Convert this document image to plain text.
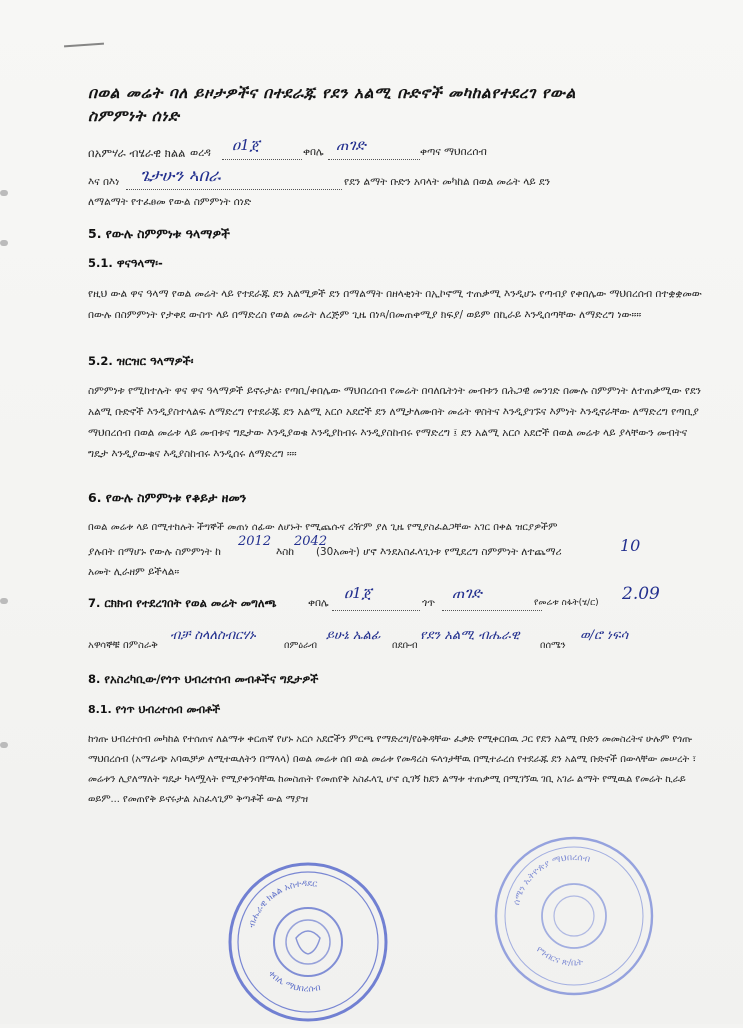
በወል መሬት ባለ ይዞታዎችና በተደራጁ የደን አልሚ ቡድኖች መካከልየተደረገ የውል
ስምምነት ሰነድ
በአምሃራ ብሄራዊ ክልል ወረዳ ዐ1ጀ	ቀበሌ ጠገድ	ቀጣና ማህበረሰብ
እና በእነ ጌታሁን ኣበራ	የደን ልማት ቡድን አባላት መካከል በወል መሬት ላይ ደን
ለማልማት የተፈፀመ የውል ስምምነት ሰነድ
5. የውሉ ስምምነቱ ዓላማዎች
5.1. ዋናዓላማ፡-
የዚህ ውል ዋና ዓላማ የወል መሬት ላይ የተደራጁ ደን አልሚዎች ደን በማልማት በዘላቂነት በኢኮኖሚ ተጠቃሚ እንዲሆኑ የጣብያ የቀበሌው ማህበረሰብ በተቋቋመው በውሉ በስምምነት የታቀደ ውስጥ ላይ በማድረስ የወል መሬት ለረጅም ጊዜ በነጻ/በመጠቀሚያ ክፍያ/ ወይም በኪራይ እንዲሰጣቸው ለማድረግ ነው።።
5.2. ዝርዝር ዓላማዎች፡
ስምምነቱ የሚከተሉት ዋና ዋና ዓላማዎች ይኖሩታል፡ የጣቢ/ቀበሌው ማህበረሰብ የመሬት በባለቤትነት መብቱን በሕጋዊ መንገድ በሙሉ ስምምነት ለተጠቃሚው የደን አልሚ ቡድኖች እንዲያስተላልፍ ለማድረግ የተደራጁ ደን አልሚ አርሶ አደሮች ደን ለሚታለሙበት መሬት ዋስትና እንዲያገኙና እምነት እንዲኖራቸው ለማድረግ የጣቢያ ማህበረሰብ በወል መሬቱ ላይ መብቱና ግዴታው እንዲያወቁ እንዲያከብሩ እንዲያስከብሩ የማድረግ ፤ ደን አልሚ አርሶ አደሮች በወል መሬቱ ላይ ያላቸውን መብትና ግዴታ እንዲያውቁና እዲያስከብሩ እንዲሰሩ ለማድረግ ።።
6. የውሉ ስምምነቱ የቆይታ ዘመን
በወል መሬቱ ላይ በሚተከሉት ችግኞች መጠነ ሰፊው ለሆኑት የሚጨሱና ረዥም ያለ ጊዜ የሚያስፈልጋቸው አገር በቀል ዝርያዎችም
ያሉበት በማሆኑ የውሉ ስምምነት ከ
2012
እስከ
2042
(30አመት) ሆኖ እንደአስፈላጊነቱ የሚደረግ ስምምነት ለተጨማሪ	10
አመት ሊራዘም ይችላል።
7. ርክክብ የተደረገበት የወል መሬት መግለጫ	ቀበሌ
ዐ1ጀ
ጎጥ
ጠገድ
የመሬቱ ስፋት(ሄ/ር) 2.09
አዋሳኞቹ በምስራቅ
ብቻ ስላለስብርሃኑ
በምዕራብ
ይሁኔ ኤልፊ
በደቡብ
የደን አልሚ ብሔራዊ
በሰሜን
ወ/ሮ ነፍሳ
8. የአስረካቢው/የጎጥ ህብረተሰብ መብቶችና ግዴታዎች
8.1. የጎጥ ህብረተሰብ መብቶች
ከጎጡ ህብረተሰብ መካከል የተሰጠና ለልማቱ ቀርጠኛ የሆኑ አርሶ አደሮችን ምርጫ የማድረግ/የዕቅዳቸው ፈቃድ የሚቀርበዉ ጋር የደን አልሚ ቡድን መመስረትና ሁሉም የጎጡ ማህበረሰብ (አማራጭ አባዉቻዎ ለሚተዉለትን በማላላ) በወል መሬቱ ሰበ ወል መሬቱ የመዳረስ ፍላጎታቸዉ በሚተራረሰ የተደራጁ ደን አልሚ ቡድኖች በውላቸው መሠረት ፣ መሬቱን ሊያለማለት ግዴታ ካላሟላት የሚያቀንሳቸዉ ከመስጠት የመጠየቅ አስፈላጊ ሆኖ ሲገኝ ከደን ልማቱ ተጠቃሚ በሚገኘዉ ገቢ አገራ ልማት የሚዉል የመሬት ኪራይ ወይም... የመጠየቅ ይኖሩታል አስፈላጊም ቅጣቶች ውል ማያዝ
ብሔራዊ ክልል አስተዳደር
ቀበሌ ማህበረሰብ
ሰሜን ኢትዮጵያ ማህበረሰብ
የግብርና ጽ/ቤት
